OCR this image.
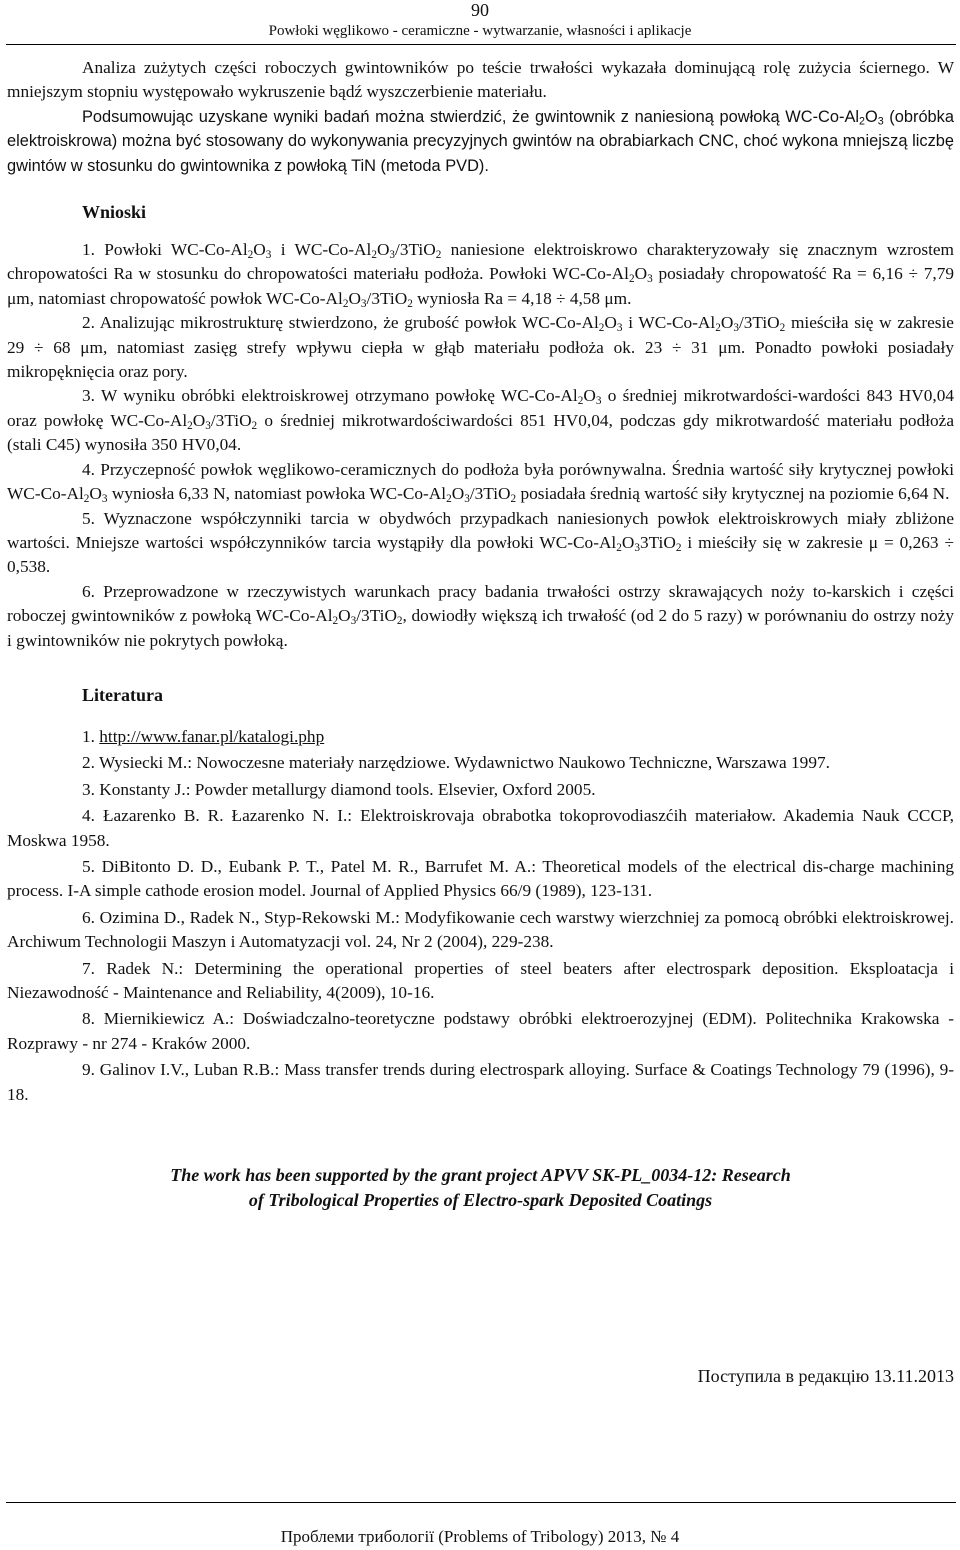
90
Powłoki węglikowo - ceramiczne - wytwarzanie, własności i aplikacje

Analiza zużytych części roboczych gwintowników po teście trwałości wykazała dominującą rolę zużycia ściernego. W mniejszym stopniu występowało wykruszenie bądź wyszczerbienie materiału.

Podsumowując uzyskane wyniki badań można stwierdzić, że gwintownik z naniesioną powłoką $WC-Co-Al_2O_3$ (obróbka elektroiskrowa) można być stosowany do wykonywania precyzyjnych gwintów na obrabiarkach CNC, choć wykona mniejszą liczbę gwintów w stosunku do gwintownika z powłoką TiN (metoda PVD).

Wnioski

1. Powłoki $WC-Co-Al_2O_3$ i $WC-Co-Al_2O_3/3TiO_2$ naniesione elektroiskrowo charakteryzowały się znacznym wzrostem chropowatości Ra w stosunku do chropowatości materiału podłoża. Powłoki $WC-Co-Al_2O_3$ posiadały chropowatość Ra = 6,16 ÷ 7,79 μm, natomiast chropowatość powłok $WC-Co-Al_2O_3/3TiO_2$ wyniosła Ra = 4,18 ÷ 4,58 μm.

2. Analizując mikrostrukturę stwierdzono, że grubość powłok $WC-Co-Al_2O_3$ i $WC-Co-Al_2O_3/3TiO_2$ mieściła się w zakresie 29 ÷ 68 μm, natomiast zasięg strefy wpływu ciepła w głąb materiału podłoża ok. 23 ÷ 31 μm. Ponadto powłoki posiadały mikropęknięcia oraz pory.

3. W wyniku obróbki elektroiskrowej otrzymano powłokę $WC-Co-Al_2O_3$ o średniej mikrotwardości-wardości 843 HV0,04 oraz powłokę $WC-Co-Al_2O_3/3TiO_2$ o średniej mikrotwardościwardości 851 HV0,04, podczas gdy mikrotwardość materiału podłoża (stali C45) wynosiła 350 HV0,04.

4. Przyczepność powłok węglikowo-ceramicznych do podłoża była porównywalna. Średnia wartość siły krytycznej powłoki $WC-Co-Al_2O_3$ wyniosła 6,33 N, natomiast powłoka $WC-Co-Al_2O_3/3TiO_2$ posiadała średnią wartość siły krytycznej na poziomie 6,64 N.

5. Wyznaczone współczynniki tarcia w obydwóch przypadkach naniesionych powłok elektroiskrowych miały zbliżone wartości. Mniejsze wartości współczynników tarcia wystąpiły dla powłoki $WC-Co-Al_2O_33TiO_2$ i mieściły się w zakresie μ = 0,263 ÷ 0,538.

6. Przeprowadzone w rzeczywistych warunkach pracy badania trwałości ostrzy skrawających noży to-karskich i części roboczej gwintowników z powłoką $WC-Co-Al_2O_3/3TiO_2$, dowiodły większą ich trwałość (od 2 do 5 razy) w porównaniu do ostrzy noży i gwintowników nie pokrytych powłoką.

Literatura

1. http://www.fanar.pl/katalogi.php

2. Wysiecki M.: Nowoczesne materiały narzędziowe. Wydawnictwo Naukowo Techniczne, Warszawa 1997.

3. Konstanty J.: Powder metallurgy diamond tools. Elsevier, Oxford 2005.

4. Łazarenko B. R. Łazarenko N. I.: Elektroiskrovaja obrabotka tokoprovodiaszćih materiałow. Akademia Nauk CCCP, Moskwa 1958.

5. DiBitonto D. D., Eubank P. T., Patel M. R., Barrufet M. A.: Theoretical models of the electrical dis-charge machining process. I-A simple cathode erosion model. Journal of Applied Physics 66/9 (1989), 123-131.

6. Ozimina D., Radek N., Styp-Rekowski M.: Modyfikowanie cech warstwy wierzchniej za pomocą obróbki elektroiskrowej. Archiwum Technologii Maszyn i Automatyzacji vol. 24, Nr 2 (2004), 229-238.

7. Radek N.: Determining the operational properties of steel beaters after electrospark deposition. Eksploatacja i Niezawodność - Maintenance and Reliability, 4(2009), 10-16.

8. Miernikiewicz A.: Doświadczalno-teoretyczne podstawy obróbki elektroerozyjnej (EDM). Politechnika Krakowska - Rozprawy - nr 274 - Kraków 2000.

9. Galinov I.V., Luban R.B.: Mass transfer trends during electrospark alloying. Surface & Coatings Technology 79 (1996), 9-18.

The work has been supported by the grant project APVV SK-PL_0034-12: Research
of Tribological Properties of Electro-spark Deposited Coatings
Поступила в редакцію 13.11.2013
Проблеми трибології (Problems of Tribology) 2013, № 4
